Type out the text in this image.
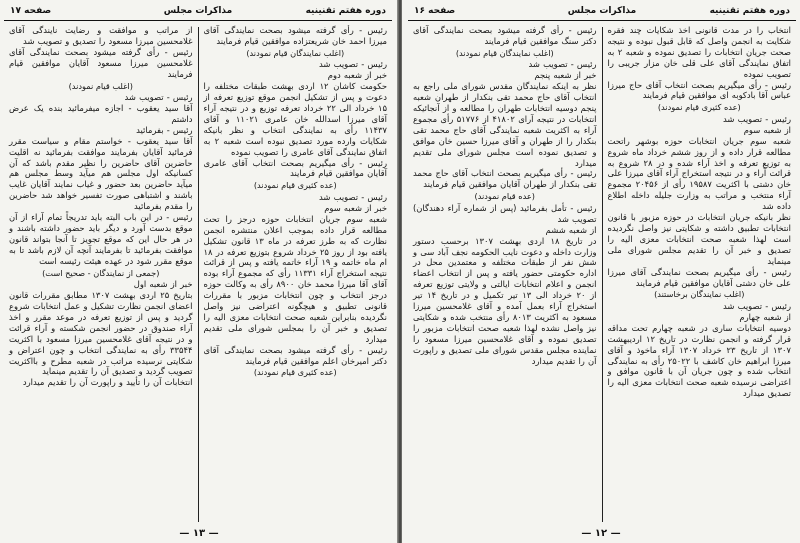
دوره هفتم تقنینیه
مذاکرات مجلس
صفحه ۱۷

رئیس - رأی گرفته میشود بصحت نمایندگی آقای میرزا احمد خان شریعتزاده موافقین قیام فرمایند

(اغلب نمایندگان قیام نمودند)

رئیس - تصویب شد

خبر از شعبه دوم

حکومت کاشان ۱۲ اردی بهشت طبقات مختلفه را دعوت و پس از تشکیل انجمن موقع توزیع تعرفه از ۱۵ خرداد الی ۲۲ خرداد تعرفه توزیع و در نتیجه آراء آقای میرزا اسدالله خان عامری ۱۱۰۲۱ و آقای ۱۱۴۳۷ رأی به نمایندگی انتخاب و نظر بانیکه شکایات وارده مورد تصدیق نبوده است شعبه ۲ به اتفاق نمایندگی آقای عامری را تصویب نموده

رئیس - رأی میگیریم بصحت انتخاب آقای عامری آقایان موافقین قیام فرمایند

(عده کثیری قیام نمودند)

رئیس - تصویب شد

خبر از شعبه سوم

شعبه سوم جریان انتخابات حوزه درجز را تحت مطالعه قرار داده بموجب اعلان منتشره انجمن نظارت که به طرز تعرفه در ماه ۱۳ قانون تشکیل یافته بود از روز ۲۵ خرداد شروع بتوزیع تعرفه در ۱۸ ام ماه خاتمه و ۱۹ آراء خاتمه یافته و پس از قرائت نتیجه استخراج آراء ۱۱۳۳۱ رأی که مجموع آراء بوده آقای آقا میرزا محمد خان ۸۹۰۰ رأی به وکالت حوزه درجز انتخاب و چون انتخابات مزبور با مقررات قانونی تطبیق و هیچگونه اعتراضی نیز واصل نگردیده بنابراین شعبه صحت انتخابات معزی الیه را تصدیق و خبر آن را بمجلس شورای ملی تقدیم میدارد

رئیس - رأی گرفته میشود بصحت نمایندگی آقای دکتر امیرخان اعلم موافقین قیام فرمایند

(عده کثیری قیام نمودند)

از مراتب و موافقت و رضایت نایندگی آقای غلامحسین میرزا مسعود را تصدیق و تصویب شد

رئیس - رأی گرفته میشود بصحت نمایندگی آقای غلامحسین میرزا مسعود آقایان موافقین قیام فرمایند

(اغلب قیام نمودند)

رئیس - تصویب شد

آقا سید یعقوب - اجازه میفرمائید بنده یک عرض داشتم

رئیس - بفرمائید

آقا سید یعقوب - خواستم مقام و سیاست مقرر فرمائید آقایان بفرمایند موافقت بفرمائید نه اقلیت حاضرین آقای حاضرین را نظیر مقدم باشد که آن کسانیکه اول مجلس هم میآید وسط مجلس هم میآید حاضرین بعد حضور و غیاب نمایند آقایان غایب باشند و اشتباهی صورت تفسیر خواهد شد حاضرین را مقدم بفرمائید

رئیس - در این باب البته باید تدریجاً تمام آراء از آن موقع بدست آورد و دیگر باید حضور داشته باشند و در هر حال این که موقع تجویز تا آنجا بتواند قانون موافقت بفرمائید تا بفرمایند آنچه آن لازم باشد تا به موقع مقرر شود در عهده هیئت رئیسه است

(جمعی از نمایندگان - صحیح است)

خبر از شعبه اول

بتاریخ ۲۵ اردی بهشت ۱۳۰۷ مطابق مقررات قانون اعضای انجمن نظارت تشکیل و عمل انتخابات شروع گردید و پس از توزیع تعرفه در موعد مقرر و اخذ آراء صندوق در حضور انجمن شکسته و آراء قرائت و در نتیجه آقای غلامحسین میرزا مسعود با اکثریت ۳۳۵۴۴ رأی به نمایندگی انتخاب و چون اعتراض و شکایتی نرسیده مراتب در شعبه مطرح و بااکثریت تصویب گردید و تصدیق آن را تقدیم مینماید

انتخابات آن را تأیید و راپورت آن را تقدیم میدارد

— ۱۳ —
دوره هفتم تقنینیه
مذاکرات مجلس
صفحه ۱۶

انتخاب را در مدت قانونی اخذ شکایات چند فقره شکایت به انجمن واصل که قابل قبول نبوده و نتیجه صحت جریان انتخابات را تصدیق نموده و شعبه ۲ به اتفاق نمایندگی آقای علی قلی خان مزار جریبی را تصویب نموده

رئیس - رأی میگیریم بصحت انتخاب آقای حاج میرزا عباس آقا بادکوبه ای موافقین قیام فرمایند

(عده کثیری قیام نمودند)

رئیس - تصویب شد

از شعبه سوم

شعبه سوم جریان انتخابات حوزه بوشهر راتحت مطالعه قرار داده و از روز ششم خرداد ماه شروع به توزیع تعرفه و اخذ آراء شده و در ۲۸ شروع به قرائت آراء و در نتیجه استخراج آراء آقای میرزا علی خان دشتی با اکثریت ۱۹۵۸۷ رأی از ۲۰۴۵۶ مجموع آراء منتخب و مراتب به وزارت جلیله داخله اطلاع داده شد

نظر بانیکه جریان انتخابات در حوزه مزبور با قانون انتخابات تطبیق داشته و شکایتی نیز واصل نگردیده است لهذا شعبه صحت انتخابات معزی الیه را تصدیق و خبر آن را تقدیم مجلس شورای ملی مینماید

رئیس - رأی میگیریم بصحت نمایندگی آقای میرزا علی خان دشتی آقایان موافقین قیام فرمایند

(اغلب نمایندگان برخاستند)

رئیس - تصویب شد

از شعبه چهارم

دوسیه انتخابات ساری در شعبه چهارم تحت مداقه قرار گرفته و انجمن نظارت در تاریخ ۱۲ اردیبهشت ۱۳۰۷ از تاریخ ۲۳ خرداد ۱۳۰۷ آراء ماخوذ و آقای میرزا ابراهیم خان کاشف با ۲۵۰۲۲ رأی به نمایندگی انتخاب شده و چون جریان آن با قانون موافق و اعتراضی نرسیده شعبه صحت انتخابات معزی الیه را تصدیق میدارد

رئیس - رأی گرفته میشود بصحت نمایندگی آقای دکتر سنگ موافقین قیام فرمایند

(اغلب نمایندگان قیام نمودند)

رئیس - تصویب شد

خبر از شعبه پنجم

نظر به اینکه نمایندگان مقدس شورای ملی راجع به انتخاب آقای حاج محمد تقی بنکدار از طهران شعبه پنجم دوسیه انتخابات طهران را مطالعه و از آنجائیکه انتخابات در نتیجه آرای ۴۱۸۰۲ از ۵۱۷۷۶ رأی مجموع آراء به اکثریت شعبه نمایندگی آقای حاج محمد تقی بنکدار را از طهران و آقای میرزا حسین خان موافق و تصدیق نموده است مجلس شورای ملی تقدیم میدارد

رئیس - رأی میگیریم بصحت انتخاب آقای حاج محمد تقی بنکدار از طهران آقایان موافقین قیام فرمایند

(عده قیام نمودند)

رئیس - تأمل بفرمائید (پس از شماره آراء دهندگان) تصویب شد

از شعبه ششم

در تاریخ ۱۸ اردی بهشت ۱۳۰۷ برحسب دستور وزارت داخله و دعوت نایب الحکومه نجف آباد سی و شش نفر از طبقات مختلفه و معتمدین محل در اداره حکومتی حضور یافته و پس از انتخاب اعضاء انجمن و اعلام انتخابات ایالتی و ولایتی توزیع تعرفه از ۲۰ خرداد الی ۱۳ تیر تکمیل و در تاریخ ۱۴ تیر استخراج آراء بعمل آمده و آقای غلامحسین میرزا مسعود به اکثریت ۸۰۱۳ رأی منتخب شده و شکایتی نیز واصل نشده لهذا شعبه صحت انتخابات مزبور را تصدیق نموده و آقای غلامحسین میرزا مسعود را نماینده مجلس مقدس شورای ملی تصدیق و راپورت آن را تقدیم میدارد

— ۱۲ —
